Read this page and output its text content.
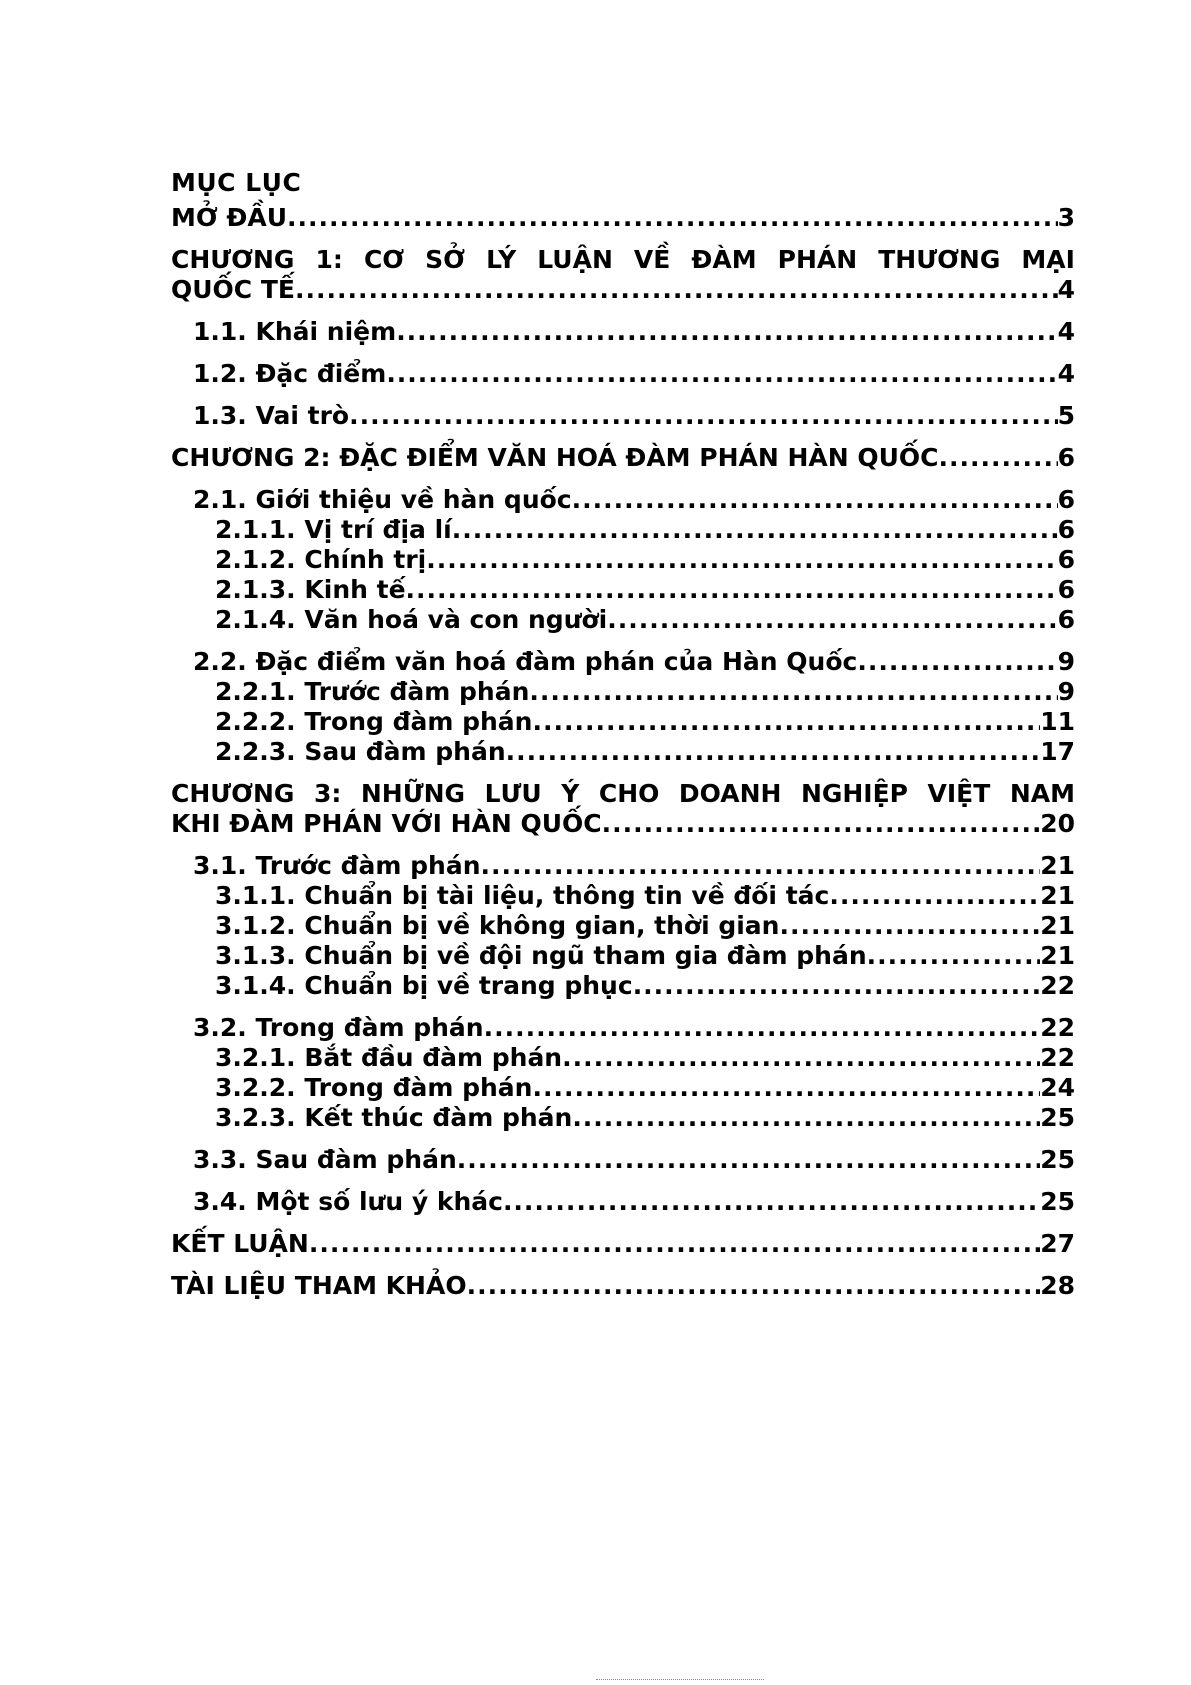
MỤC LỤC
MỞ ĐẦU .....	3
CHƯƠNG 1: CƠ SỞ LÝ LUẬN VỀ ĐÀM PHÁN THƯƠNG MẠI
QUỐC TẾ .....	4
1.1. Khái niệm .....	4
1.2. Đặc điểm .....	4
1.3. Vai trò .....	5
CHƯƠNG 2: ĐẶC ĐIỂM VĂN HOÁ ĐÀM PHÁN HÀN QUỐC .....	6
2.1. Giới thiệu về hàn quốc .....	6
2.1.1. Vị trí địa lí .....	6
2.1.2. Chính trị .....	6
2.1.3. Kinh tế .....	6
2.1.4. Văn hoá và con người .....	6
2.2. Đặc điểm văn hoá đàm phán của Hàn Quốc .....	9
2.2.1. Trước đàm phán .....	9
2.2.2. Trong đàm phán .....	11
2.2.3. Sau đàm phán .....	17
CHƯƠNG 3: NHỮNG LƯU Ý CHO DOANH NGHIỆP VIỆT NAM
KHI ĐÀM PHÁN VỚI HÀN QUỐC .....	20
3.1. Trước đàm phán .....	21
3.1.1. Chuẩn bị tài liệu, thông tin về đối tác .....	21
3.1.2. Chuẩn bị về không gian, thời gian .....	21
3.1.3. Chuẩn bị về đội ngũ tham gia đàm phán .....	21
3.1.4. Chuẩn bị về trang phục .....	22
3.2. Trong đàm phán .....	22
3.2.1. Bắt đầu đàm phán .....	22
3.2.2. Trong đàm phán .....	24
3.2.3. Kết thúc đàm phán .....	25
3.3. Sau đàm phán .....	25
3.4. Một số lưu ý khác .....	25
KẾT LUẬN .....	27
TÀI LIỆU THAM KHẢO .....	28
